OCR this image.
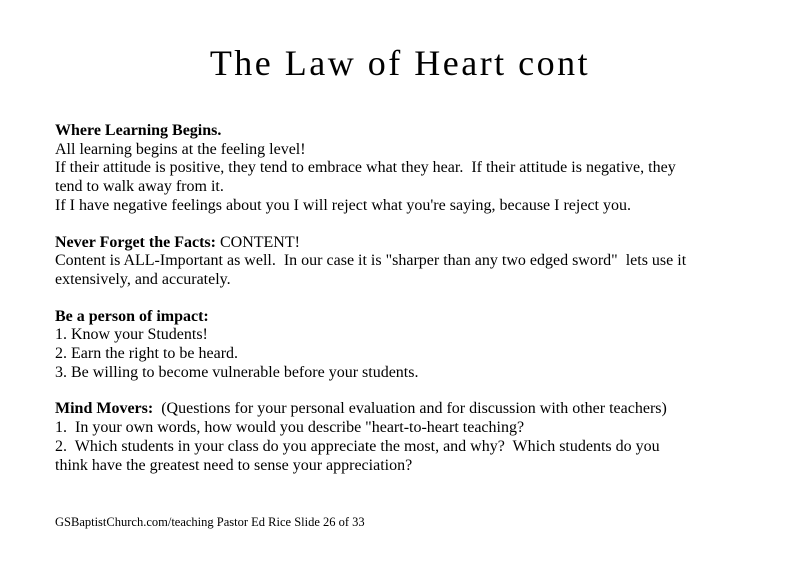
The Law of Heart cont
Where Learning Begins.
All learning begins at the feeling level!
If their attitude is positive, they tend to embrace what they hear.  If their attitude is negative, they
tend to walk away from it.
If I have negative feelings about you I will reject what you're saying, because I reject you.
Never Forget the Facts: CONTENT!
Content is ALL-Important as well.  In our case it is "sharper than any two edged sword"  lets use it
extensively, and accurately.
Be a person of impact:
1. Know your Students!
2. Earn the right to be heard.
3. Be willing to become vulnerable before your students.
Mind Movers:  (Questions for your personal evaluation and for discussion with other teachers)
1.  In your own words, how would you describe "heart-to-heart teaching?
2.  Which students in your class do you appreciate the most, and why?  Which students do you
think have the greatest need to sense your appreciation?
GSBaptistChurch.com/teaching Pastor Ed Rice Slide 26 of 33
